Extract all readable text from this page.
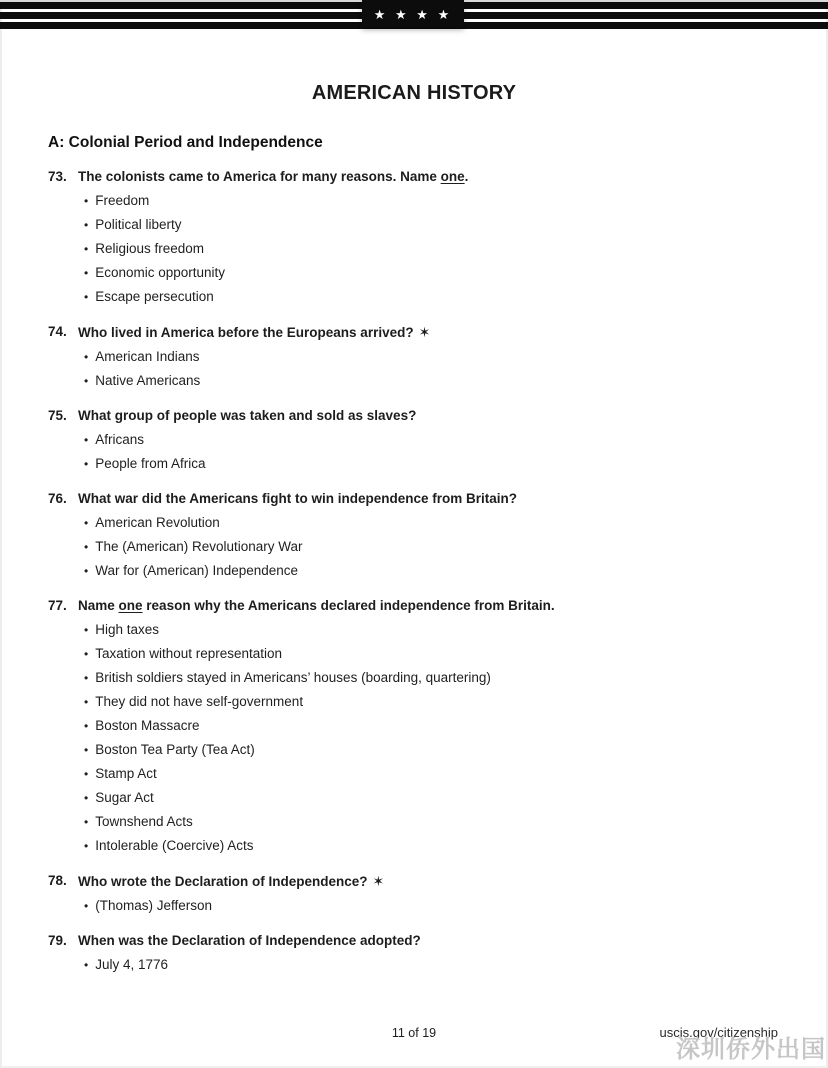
★ ★ ★ ★
AMERICAN HISTORY
A: Colonial Period and Independence
73. The colonists came to America for many reasons. Name one.
• Freedom
• Political liberty
• Religious freedom
• Economic opportunity
• Escape persecution
74. Who lived in America before the Europeans arrived? ✶
• American Indians
• Native Americans
75. What group of people was taken and sold as slaves?
• Africans
• People from Africa
76. What war did the Americans fight to win independence from Britain?
• American Revolution
• The (American) Revolutionary War
• War for (American) Independence
77. Name one reason why the Americans declared independence from Britain.
• High taxes
• Taxation without representation
• British soldiers stayed in Americans’ houses (boarding, quartering)
• They did not have self-government
• Boston Massacre
• Boston Tea Party (Tea Act)
• Stamp Act
• Sugar Act
• Townshend Acts
• Intolerable (Coercive) Acts
78. Who wrote the Declaration of Independence? ✶
• (Thomas) Jefferson
79. When was the Declaration of Independence adopted?
• July 4, 1776
11 of 19	uscis.gov/citizenship
深圳侨外出国
